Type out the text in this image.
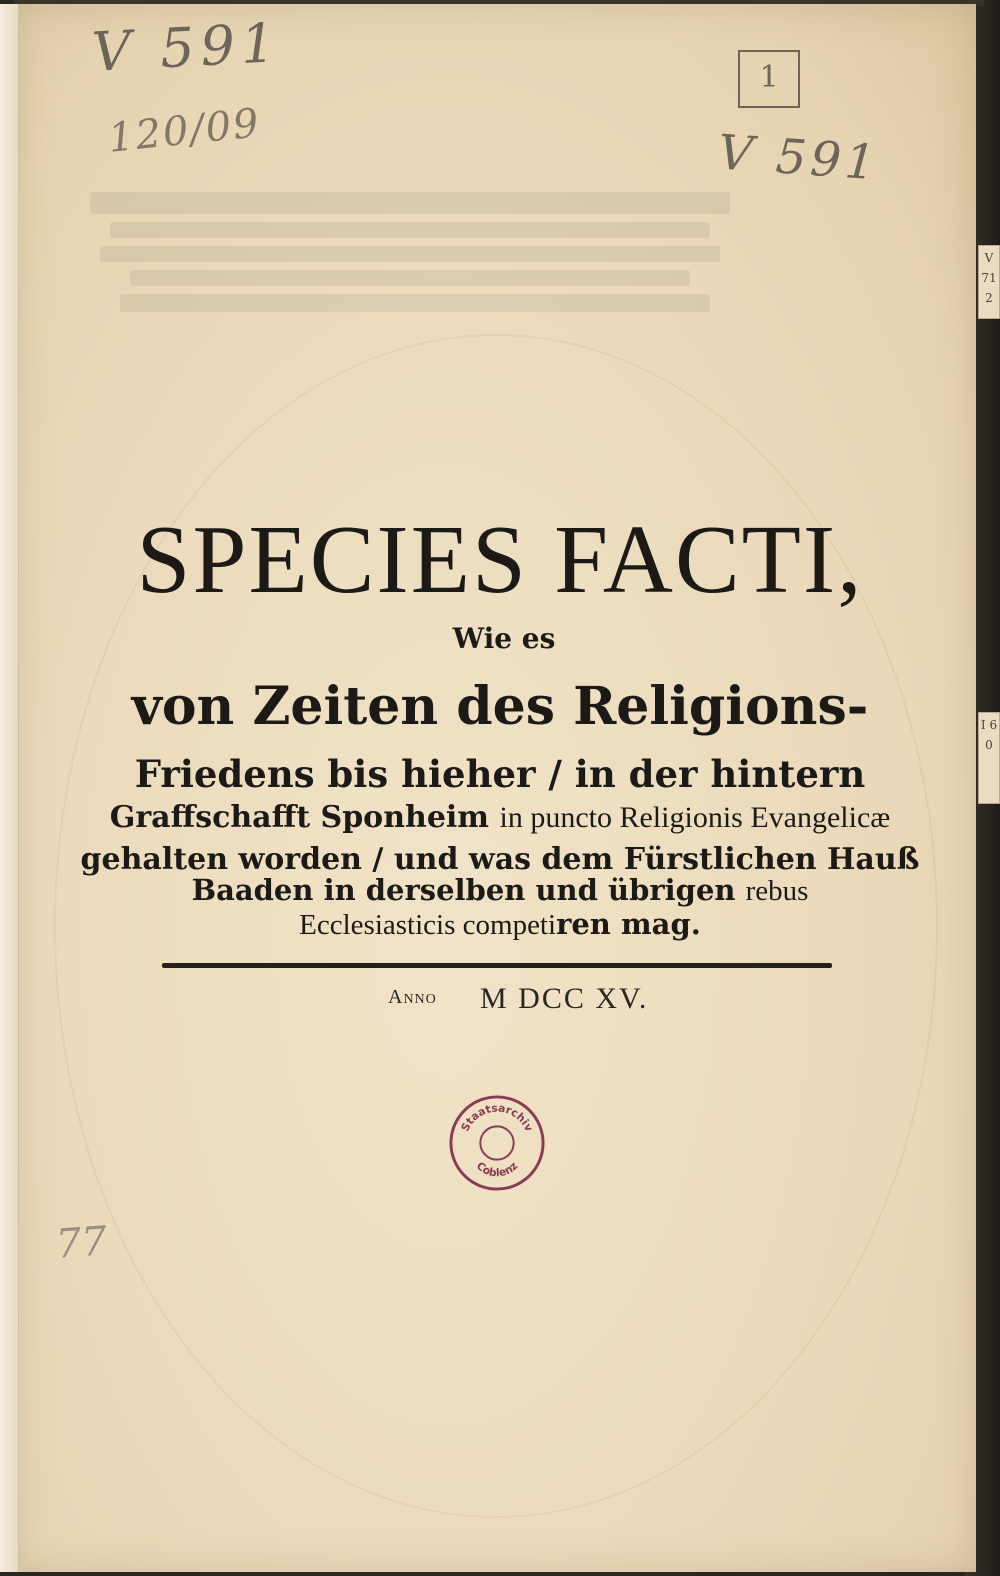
V 71 2
I 6 0
V 591
120/09
1
V 591
77
SPECIES FACTI,
Wie es
von Zeiten des Religions-
Friedens bis hieher / in der hintern
Graffschafft Sponheim in puncto Religionis Evangelicæ
gehalten worden / und was dem Fürstlichen Hauß
Baaden in derselben und übrigen rebus
Ecclesiasticis competiren mag.
Anno M DCC XV.
Staatsarchiv
Coblenz
